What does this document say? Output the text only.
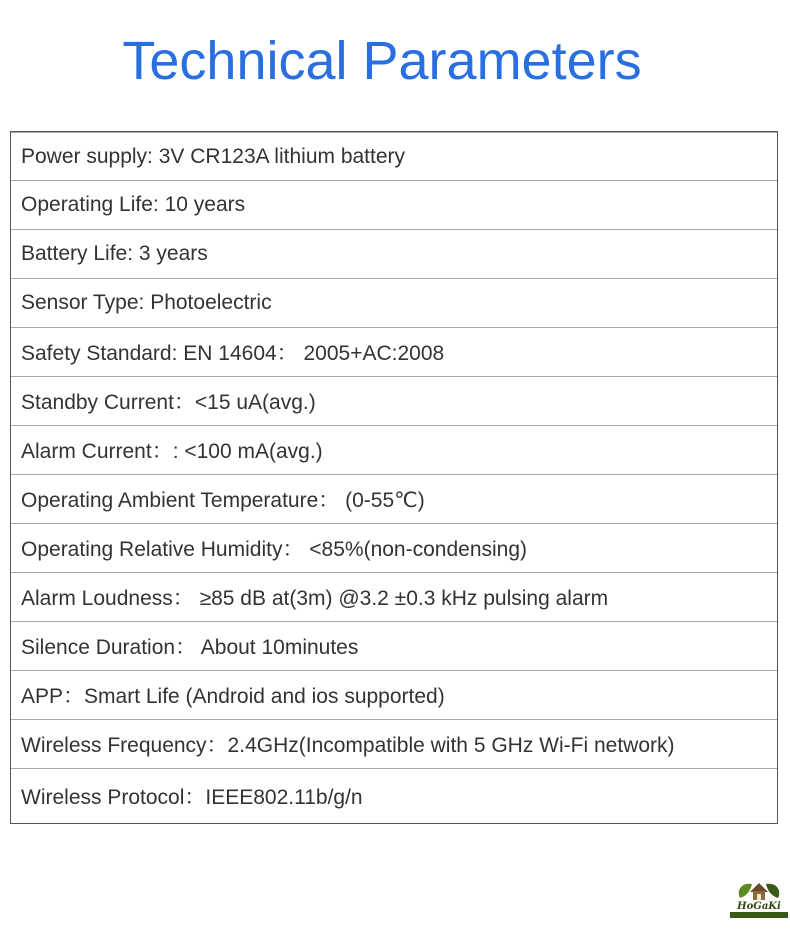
Technical Parameters
Power supply: 3V CR123A lithium battery
Operating Life: 10 years
Battery Life: 3 years
Sensor Type: Photoelectric
Safety Standard: EN 14604： 2005+AC:2008
Standby Current：<15 uA(avg.)
Alarm Current：: <100 mA(avg.)
Operating Ambient Temperature： (0-55℃)
Operating Relative Humidity： <85%(non-condensing)
Alarm Loudness： ≥85 dB at(3m) @3.2 ±0.3 kHz pulsing alarm
Silence Duration： About 10minutes
APP：Smart Life (Android and ios supported)
Wireless Frequency：2.4GHz(Incompatible with 5 GHz Wi-Fi network)
Wireless Protocol：IEEE802.11b/g/n
HoGaKi
